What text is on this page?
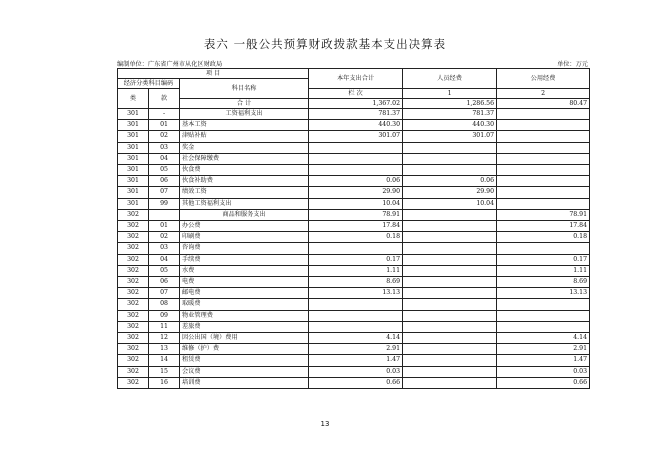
表六 一般公共预算财政拨款基本支出决算表
编制单位：广东省广州市从化区财政局	单位：万元
项 目			本年支出合计	人员经费	公用经费	
经济分类科目编码		科目名称				
类	款					
			栏 次	1	2	
		合 计	1,367.02	1,286.56	80.47	
301	-	工资福利支出	781.37	781.37		
301	01	基本工资	440.30	440.30		
301	02	津贴补贴	301.07	301.07		
301	03	奖金				
301	04	社会保障缴费				
301	05	伙食费				
301	06	伙食补助费	0.06	0.06		
301	07	绩效工资	29.90	29.90		
301	99	其他工资福利支出	10.04	10.04		
302		商品和服务支出	78.91		78.91	
302	01	办公费	17.84		17.84	
302	02	印刷费	0.18		0.18	
302	03	咨询费				
302	04	手续费	0.17		0.17	
302	05	水费	1.11		1.11	
302	06	电费	8.69		8.69	
302	07	邮电费	13.13		13.13	
302	08	取暖费				
302	09	物业管理费				
302	11	差旅费				
302	12	因公出国（境）费用	4.14		4.14	
302	13	维修（护）费	2.91		2.91	
302	14	租赁费	1.47		1.47	
302	15	会议费	0.03		0.03	
302	16	培训费	0.66		0.66	
13
